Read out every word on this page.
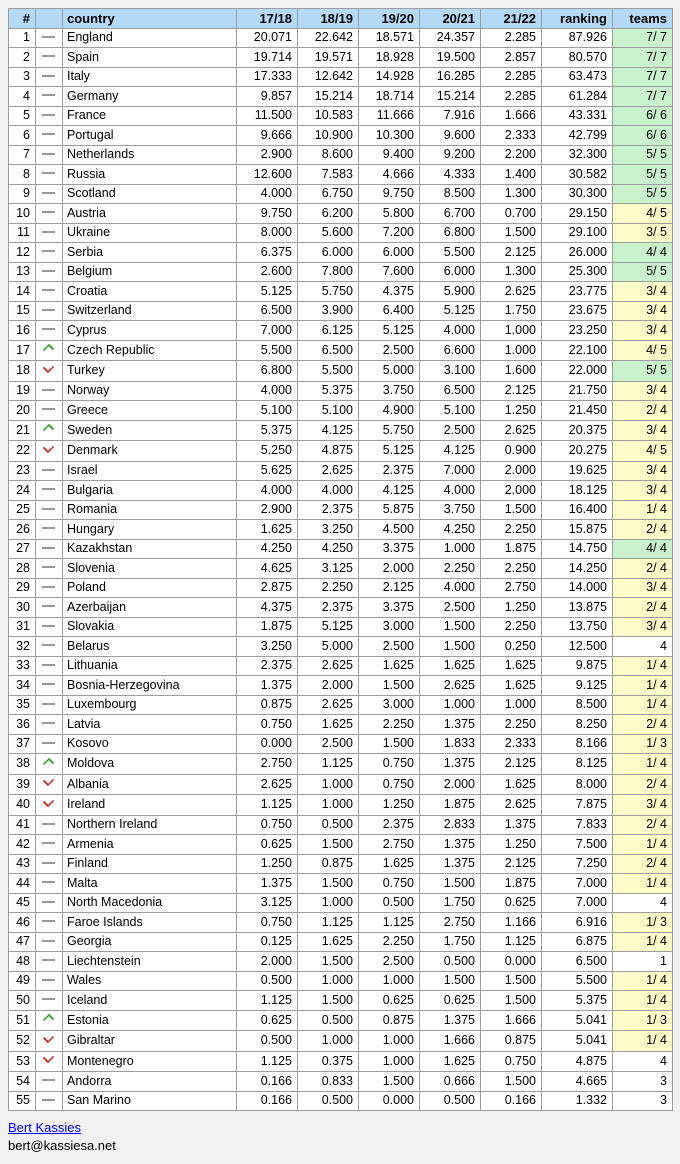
#		country	17/18	18/19	19/20	20/21	21/22	ranking	teams
1		England	20.071	22.642	18.571	24.357	2.285	87.926	7/ 7
2		Spain	19.714	19.571	18.928	19.500	2.857	80.570	7/ 7
3		Italy	17.333	12.642	14.928	16.285	2.285	63.473	7/ 7
4		Germany	9.857	15.214	18.714	15.214	2.285	61.284	7/ 7
5		France	11.500	10.583	11.666	7.916	1.666	43.331	6/ 6
6		Portugal	9.666	10.900	10.300	9.600	2.333	42.799	6/ 6
7		Netherlands	2.900	8.600	9.400	9.200	2.200	32.300	5/ 5
8		Russia	12.600	7.583	4.666	4.333	1.400	30.582	5/ 5
9		Scotland	4.000	6.750	9.750	8.500	1.300	30.300	5/ 5
10		Austria	9.750	6.200	5.800	6.700	0.700	29.150	4/ 5
11		Ukraine	8.000	5.600	7.200	6.800	1.500	29.100	3/ 5
12		Serbia	6.375	6.000	6.000	5.500	2.125	26.000	4/ 4
13		Belgium	2.600	7.800	7.600	6.000	1.300	25.300	5/ 5
14		Croatia	5.125	5.750	4.375	5.900	2.625	23.775	3/ 4
15		Switzerland	6.500	3.900	6.400	5.125	1.750	23.675	3/ 4
16		Cyprus	7.000	6.125	5.125	4.000	1.000	23.250	3/ 4
17		Czech Republic	5.500	6.500	2.500	6.600	1.000	22.100	4/ 5
18		Turkey	6.800	5.500	5.000	3.100	1.600	22.000	5/ 5
19		Norway	4.000	5.375	3.750	6.500	2.125	21.750	3/ 4
20		Greece	5.100	5.100	4.900	5.100	1.250	21.450	2/ 4
21		Sweden	5.375	4.125	5.750	2.500	2.625	20.375	3/ 4
22		Denmark	5.250	4.875	5.125	4.125	0.900	20.275	4/ 5
23		Israel	5.625	2.625	2.375	7.000	2.000	19.625	3/ 4
24		Bulgaria	4.000	4.000	4.125	4.000	2.000	18.125	3/ 4
25		Romania	2.900	2.375	5.875	3.750	1.500	16.400	1/ 4
26		Hungary	1.625	3.250	4.500	4.250	2.250	15.875	2/ 4
27		Kazakhstan	4.250	4.250	3.375	1.000	1.875	14.750	4/ 4
28		Slovenia	4.625	3.125	2.000	2.250	2.250	14.250	2/ 4
29		Poland	2.875	2.250	2.125	4.000	2.750	14.000	3/ 4
30		Azerbaijan	4.375	2.375	3.375	2.500	1.250	13.875	2/ 4
31		Slovakia	1.875	5.125	3.000	1.500	2.250	13.750	3/ 4
32		Belarus	3.250	5.000	2.500	1.500	0.250	12.500	4
33		Lithuania	2.375	2.625	1.625	1.625	1.625	9.875	1/ 4
34		Bosnia-Herzegovina	1.375	2.000	1.500	2.625	1.625	9.125	1/ 4
35		Luxembourg	0.875	2.625	3.000	1.000	1.000	8.500	1/ 4
36		Latvia	0.750	1.625	2.250	1.375	2.250	8.250	2/ 4
37		Kosovo	0.000	2.500	1.500	1.833	2.333	8.166	1/ 3
38		Moldova	2.750	1.125	0.750	1.375	2.125	8.125	1/ 4
39		Albania	2.625	1.000	0.750	2.000	1.625	8.000	2/ 4
40		Ireland	1.125	1.000	1.250	1.875	2.625	7.875	3/ 4
41		Northern Ireland	0.750	0.500	2.375	2.833	1.375	7.833	2/ 4
42		Armenia	0.625	1.500	2.750	1.375	1.250	7.500	1/ 4
43		Finland	1.250	0.875	1.625	1.375	2.125	7.250	2/ 4
44		Malta	1.375	1.500	0.750	1.500	1.875	7.000	1/ 4
45		North Macedonia	3.125	1.000	0.500	1.750	0.625	7.000	4
46		Faroe Islands	0.750	1.125	1.125	2.750	1.166	6.916	1/ 3
47		Georgia	0.125	1.625	2.250	1.750	1.125	6.875	1/ 4
48		Liechtenstein	2.000	1.500	2.500	0.500	0.000	6.500	1
49		Wales	0.500	1.000	1.000	1.500	1.500	5.500	1/ 4
50		Iceland	1.125	1.500	0.625	0.625	1.500	5.375	1/ 4
51		Estonia	0.625	0.500	0.875	1.375	1.666	5.041	1/ 3
52		Gibraltar	0.500	1.000	1.000	1.666	0.875	5.041	1/ 4
53		Montenegro	1.125	0.375	1.000	1.625	0.750	4.875	4
54		Andorra	0.166	0.833	1.500	0.666	1.500	4.665	3
55		San Marino	0.166	0.500	0.000	0.500	0.166	1.332	3
Bert Kassies
bert@kassiesa.net
